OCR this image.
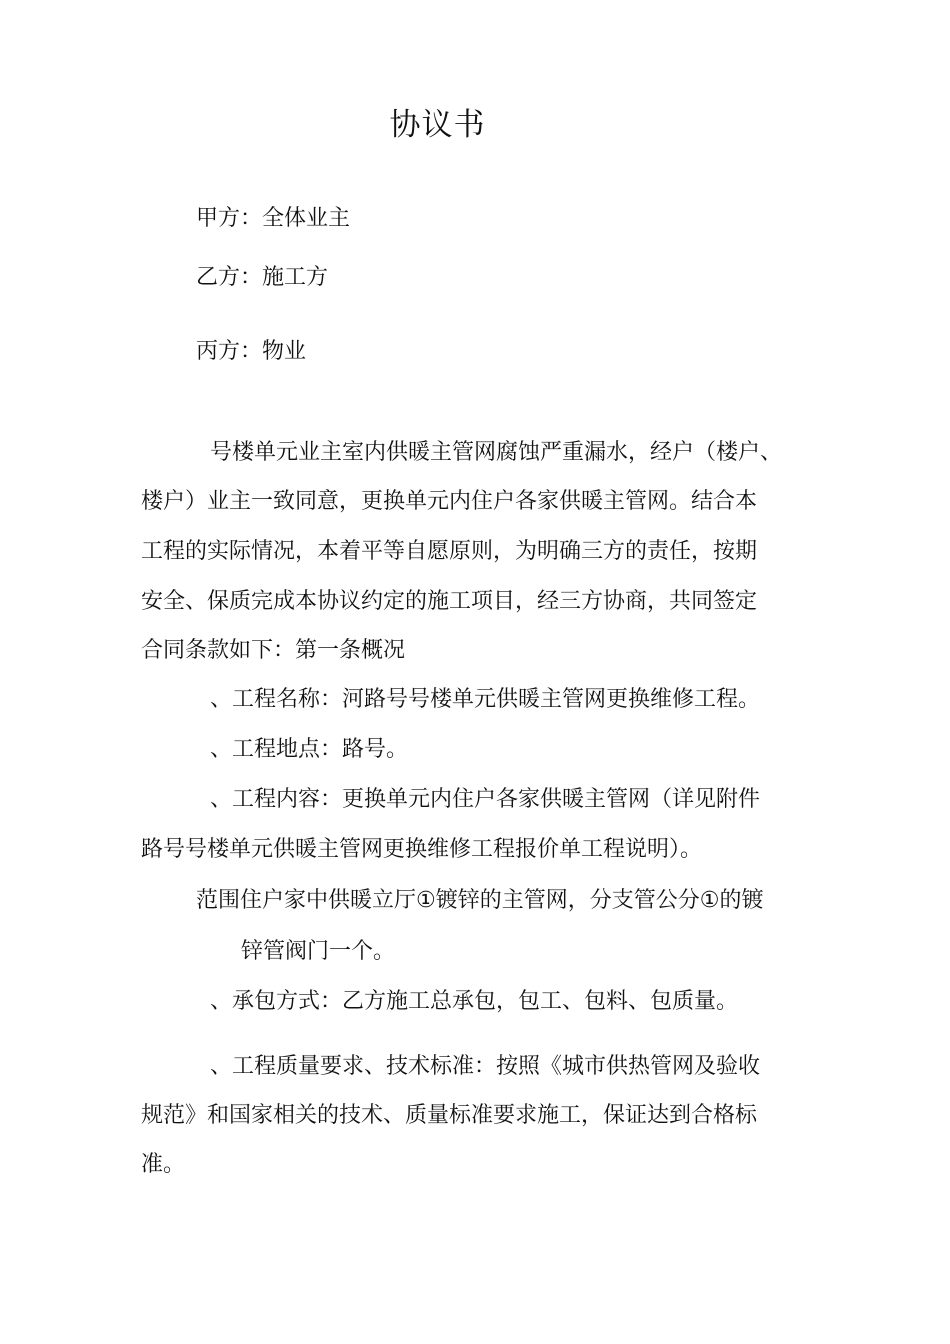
协议书
甲方：全体业主
乙方：施工方
丙方：物业
号楼单元业主室内供暖主管网腐蚀严重漏水，经户（楼户、
楼户）业主一致同意，更换单元内住户各家供暖主管网。结合本
工程的实际情况，本着平等自愿原则，为明确三方的责任，按期
安全、保质完成本协议约定的施工项目，经三方协商，共同签定
合同条款如下：第一条概况
、工程名称：河路号号楼单元供暖主管网更换维修工程。
、工程地点：路号。
、工程内容：更换单元内住户各家供暖主管网（详见附件
路号号楼单元供暖主管网更换维修工程报价单工程说明）。
范围住户家中供暖立厅①镀锌的主管网，分支管公分①的镀
锌管阀门一个。
、承包方式：乙方施工总承包，包工、包料、包质量。
、工程质量要求、技术标准：按照《城市供热管网及验收
规范》和国家相关的技术、质量标准要求施工，保证达到合格标
准。
